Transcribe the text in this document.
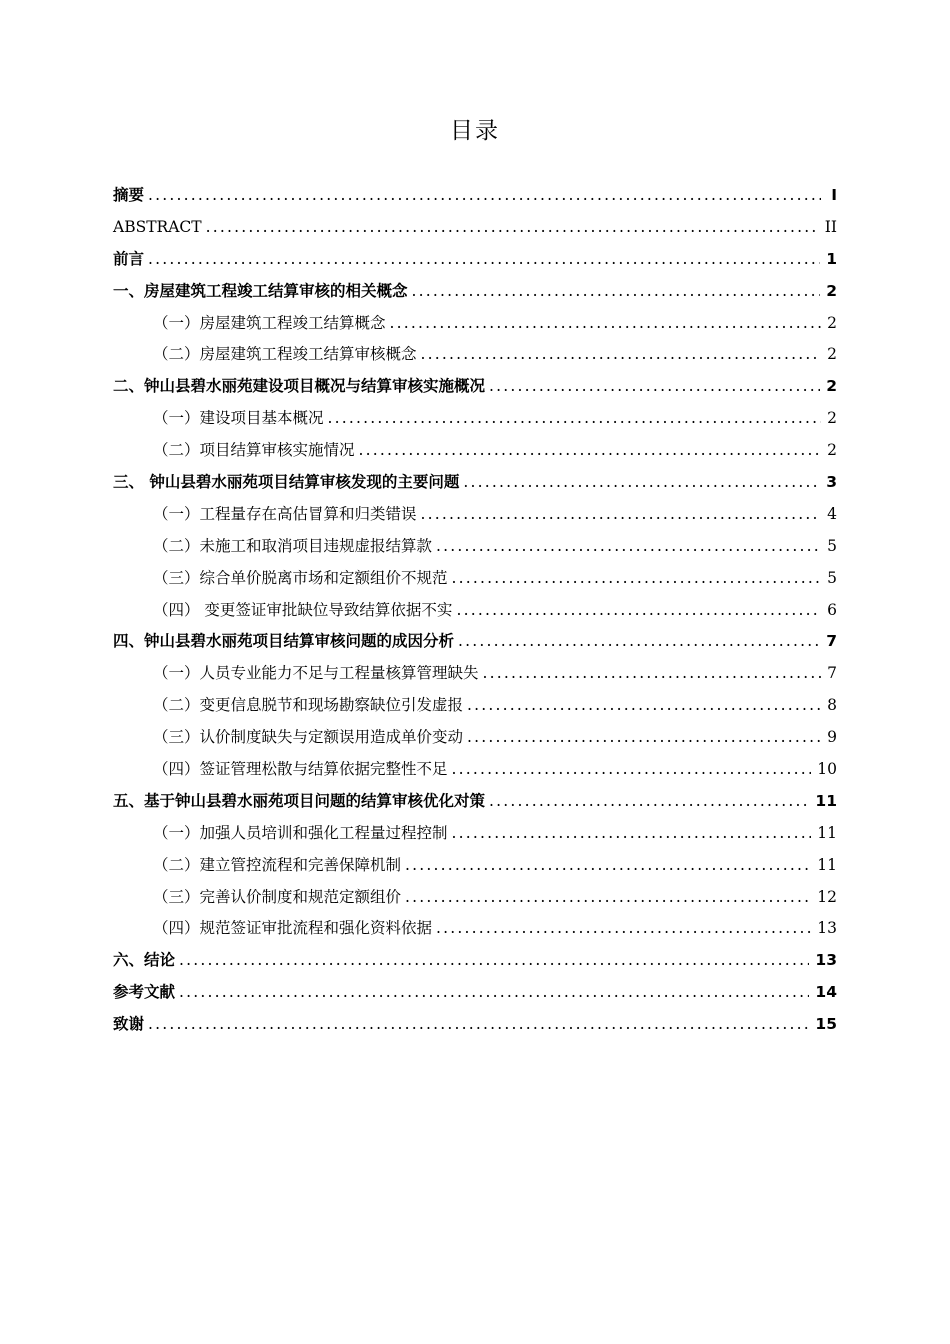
目录
摘要 .....	I
ABSTRACT .....	II
前言 .....	1
一、房屋建筑工程竣工结算审核的相关概念 .....	2
（一）房屋建筑工程竣工结算概念 .....	2
（二）房屋建筑工程竣工结算审核概念 .....	2
二、钟山县碧水丽苑建设项目概况与结算审核实施概况 .....	2
（一）建设项目基本概况 .....	2
（二）项目结算审核实施情况 .....	2
三、 钟山县碧水丽苑项目结算审核发现的主要问题 .....	3
（一）工程量存在高估冒算和归类错误 .....	4
（二）未施工和取消项目违规虚报结算款 .....	5
（三）综合单价脱离市场和定额组价不规范 .....	5
（四） 变更签证审批缺位导致结算依据不实 .....	6
四、钟山县碧水丽苑项目结算审核问题的成因分析 .....	7
（一）人员专业能力不足与工程量核算管理缺失 .....	7
（二）变更信息脱节和现场勘察缺位引发虚报 .....	8
（三）认价制度缺失与定额误用造成单价变动 .....	9
（四）签证管理松散与结算依据完整性不足 .....	10
五、基于钟山县碧水丽苑项目问题的结算审核优化对策 .....	11
（一）加强人员培训和强化工程量过程控制 .....	11
（二）建立管控流程和完善保障机制 .....	11
（三）完善认价制度和规范定额组价 .....	12
（四）规范签证审批流程和强化资料依据 .....	13
六、结论 .....	13
参考文献 .....	14
致谢 .....	15
